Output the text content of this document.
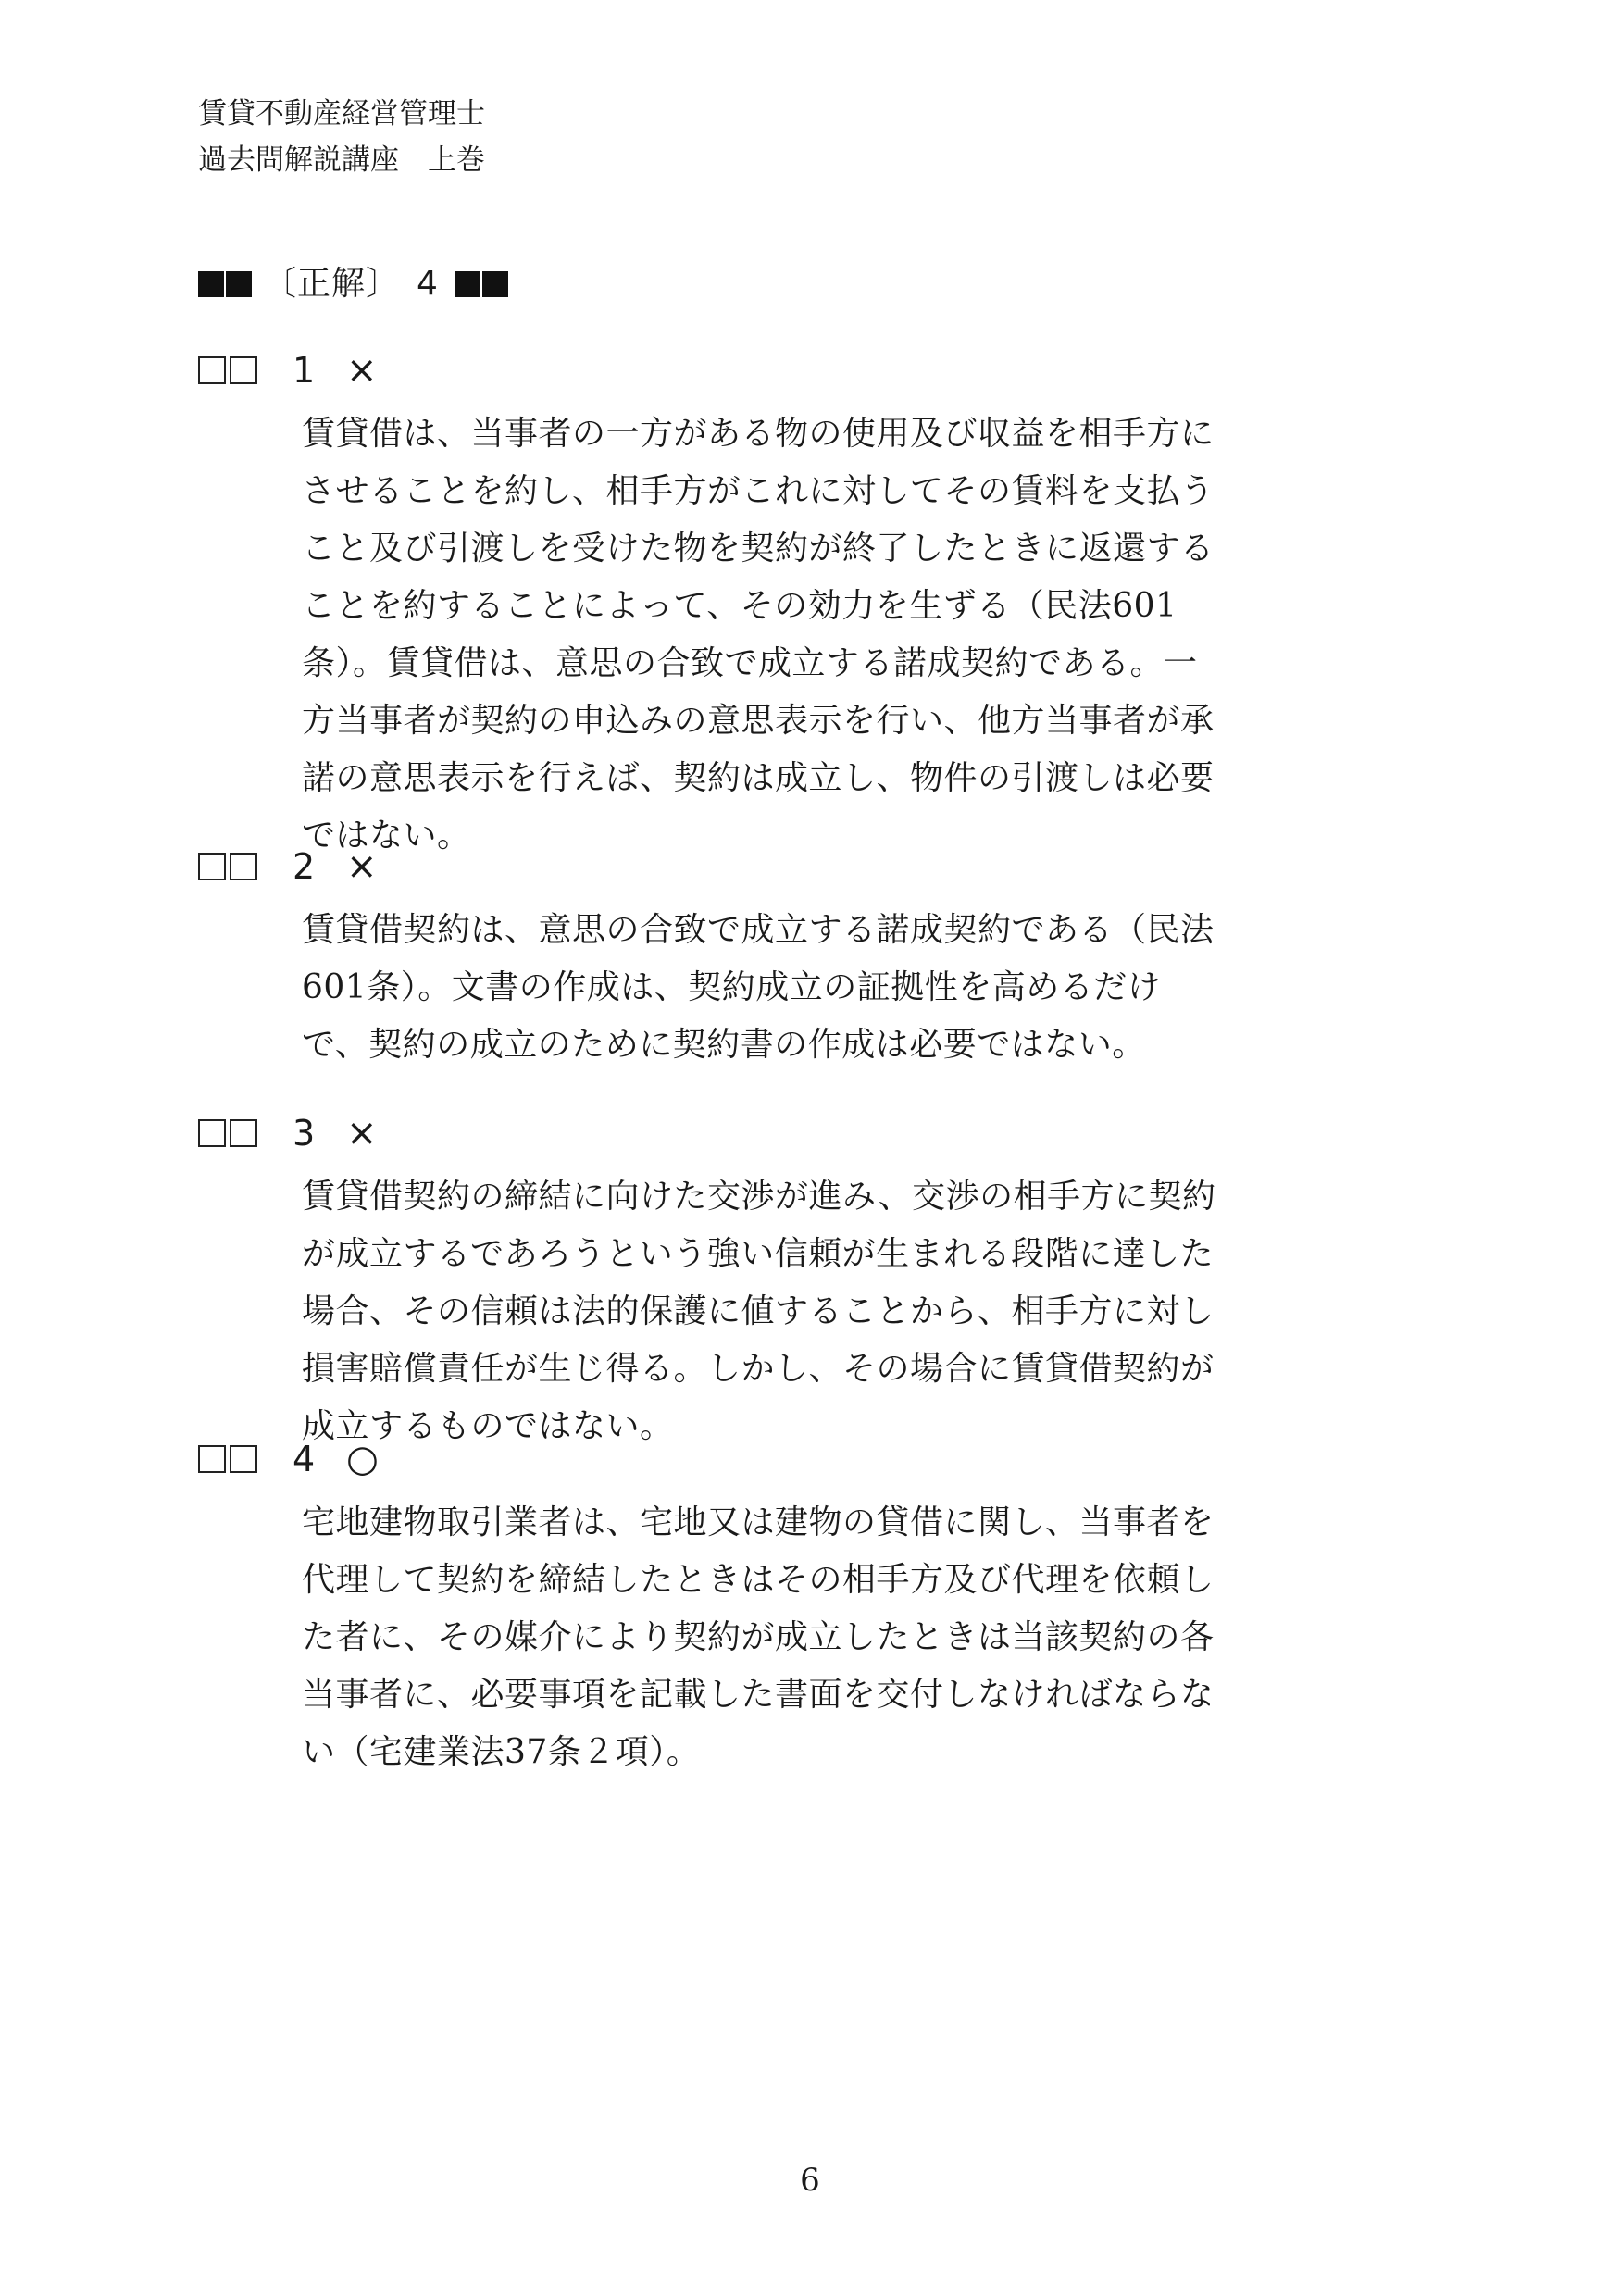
賃貸不動産経営管理士
過去問解説講座　上巻
〔正解〕 4
1 ×

賃貸借は、当事者の一方がある物の使用及び収益を相手方にさせることを約し、相手方がこれに対してその賃料を支払うこと及び引渡しを受けた物を契約が終了したときに返還することを約することによって、その効力を生ずる（民法601条）。賃貸借は、意思の合致で成立する諾成契約である。一方当事者が契約の申込みの意思表示を行い、他方当事者が承諾の意思表示を行えば、契約は成立し、物件の引渡しは必要ではない。

2 ×

賃貸借契約は、意思の合致で成立する諾成契約である（民法601条）。文書の作成は、契約成立の証拠性を高めるだけで、契約の成立のために契約書の作成は必要ではない。

3 ×

賃貸借契約の締結に向けた交渉が進み、交渉の相手方に契約が成立するであろうという強い信頼が生まれる段階に達した場合、その信頼は法的保護に値することから、相手方に対し損害賠償責任が生じ得る。しかし、その場合に賃貸借契約が成立するものではない。

4 ○

宅地建物取引業者は、宅地又は建物の貸借に関し、当事者を代理して契約を締結したときはその相手方及び代理を依頼した者に、その媒介により契約が成立したときは当該契約の各当事者に、必要事項を記載した書面を交付しなければならない（宅建業法37条２項）。

6
